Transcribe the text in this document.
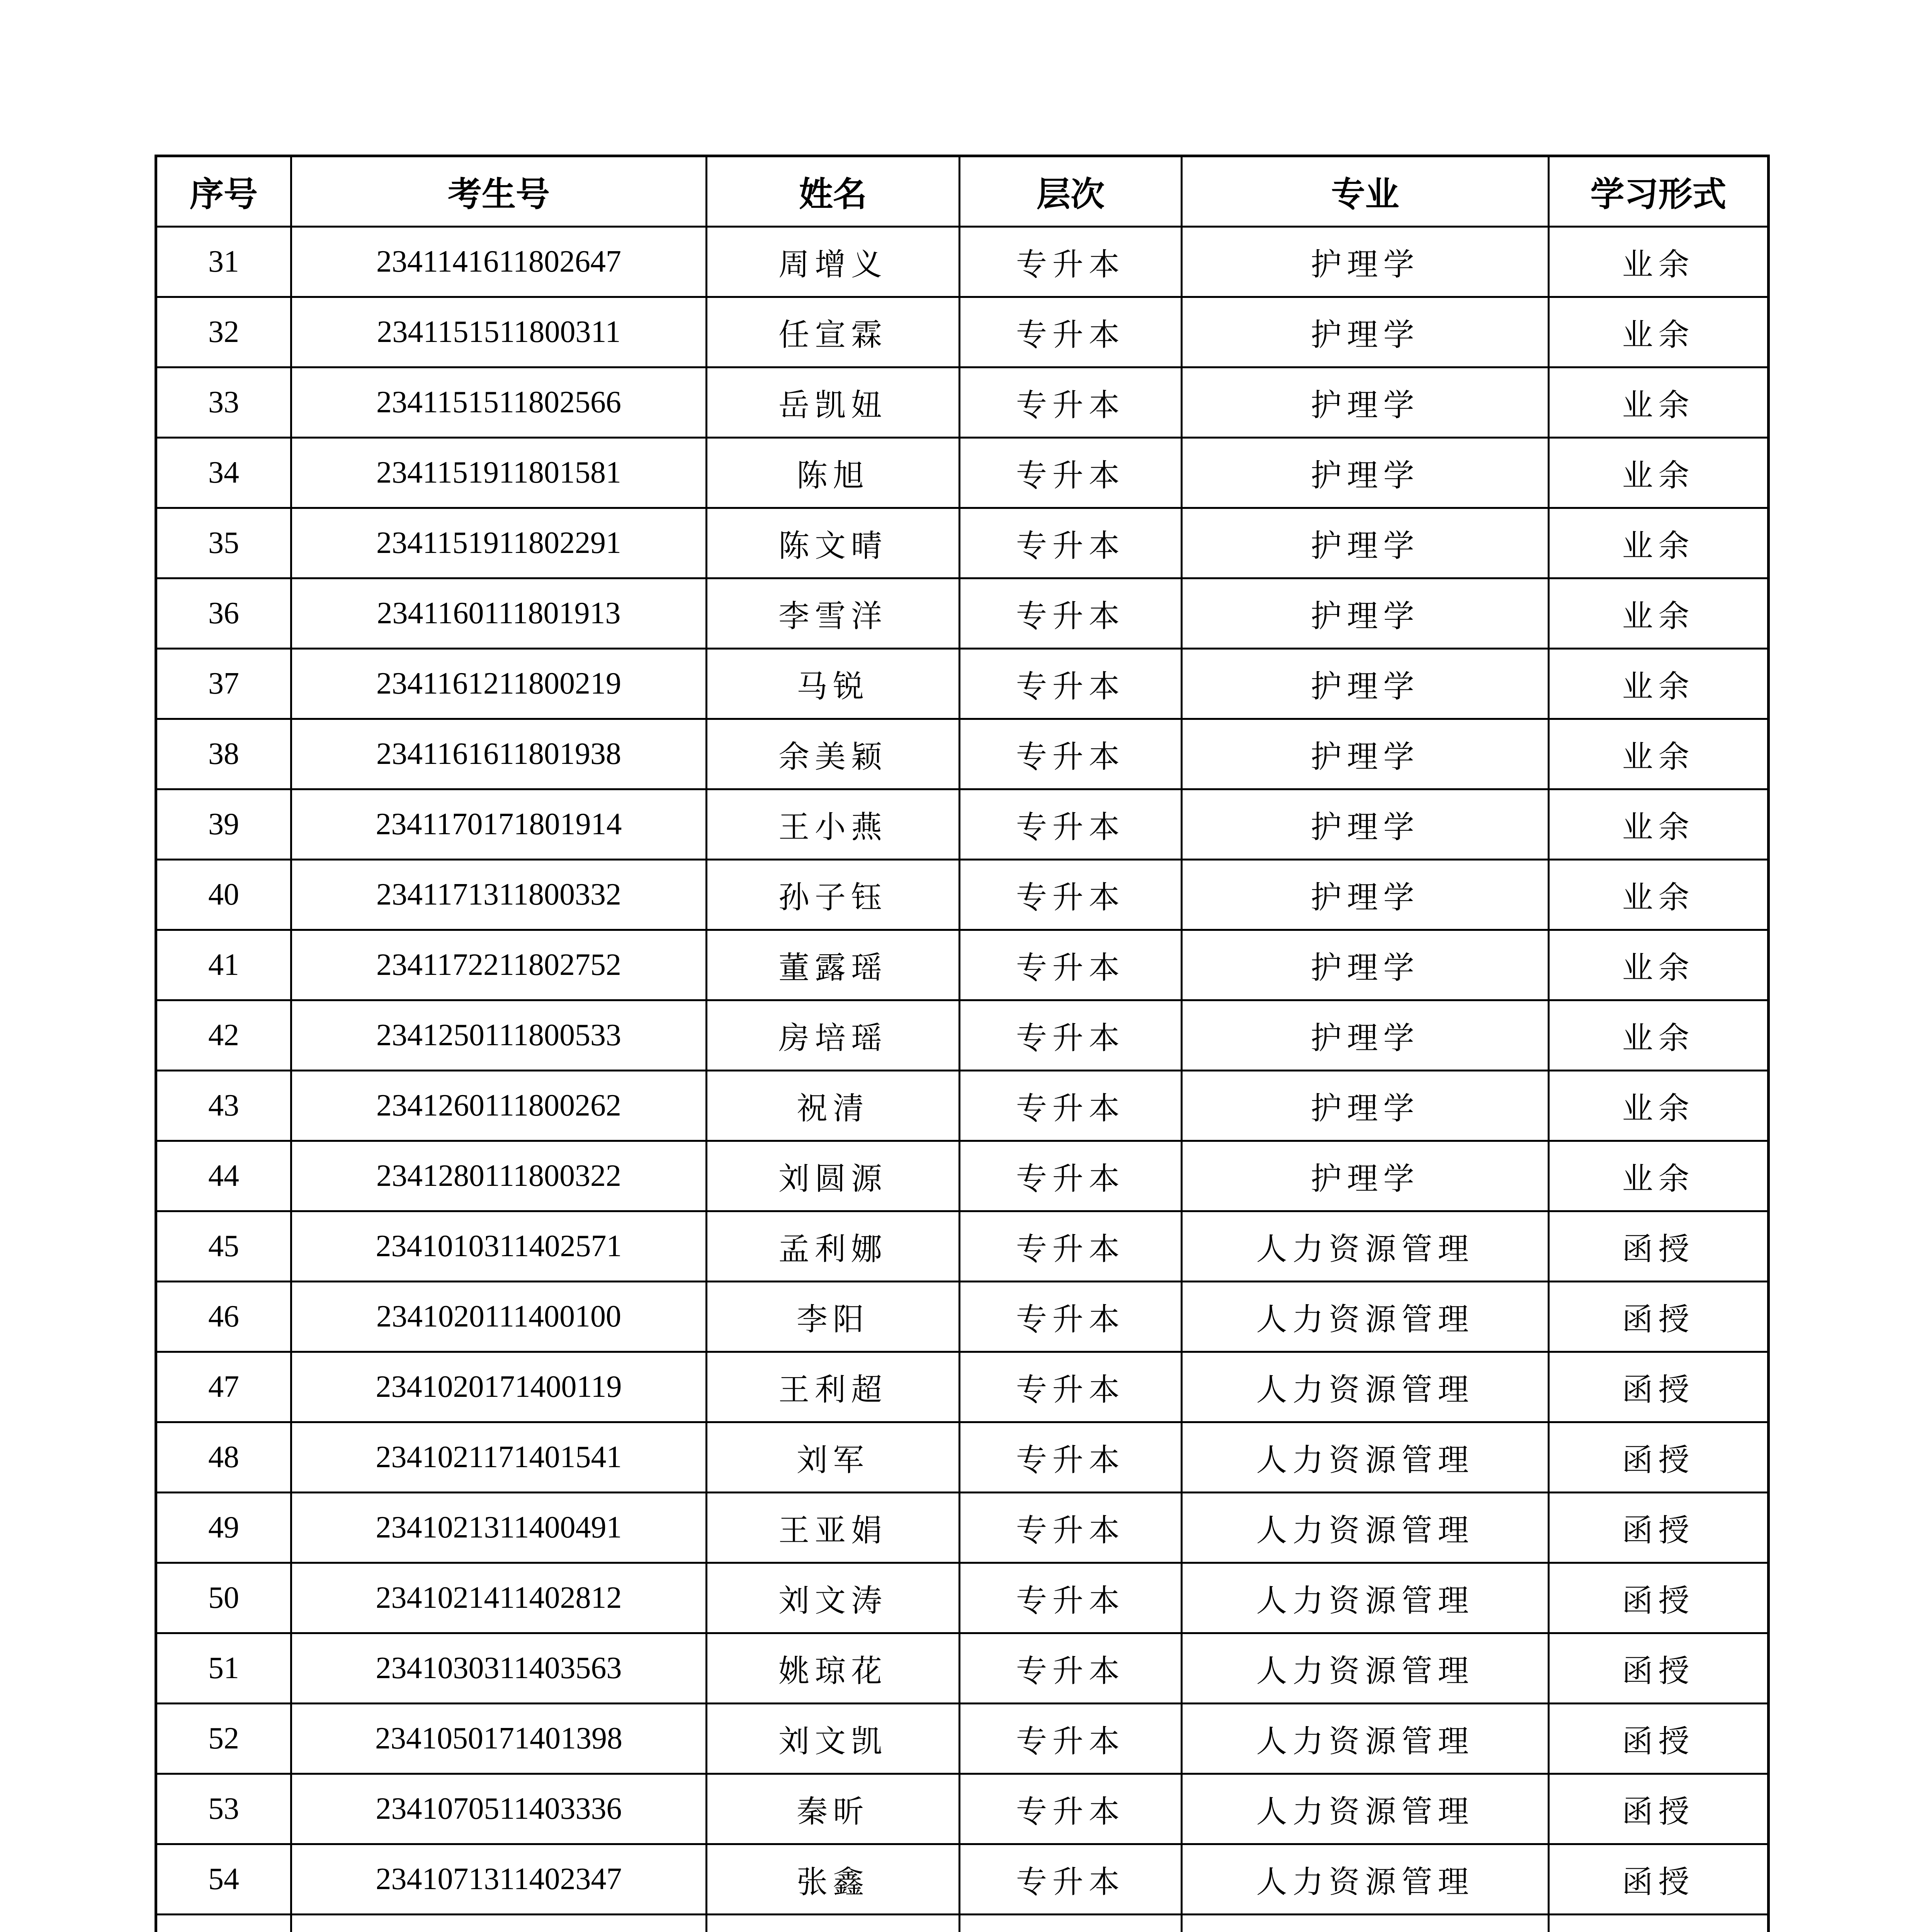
序号	考生号	姓名	层次	专业	学习形式
31	2341141611802647	周增义	专升本	护理学	业余
32	2341151511800311	任宣霖	专升本	护理学	业余
33	2341151511802566	岳凯妞	专升本	护理学	业余
34	2341151911801581	陈旭	专升本	护理学	业余
35	2341151911802291	陈文晴	专升本	护理学	业余
36	2341160111801913	李雪洋	专升本	护理学	业余
37	2341161211800219	马锐	专升本	护理学	业余
38	2341161611801938	余美颖	专升本	护理学	业余
39	2341170171801914	王小燕	专升本	护理学	业余
40	2341171311800332	孙子钰	专升本	护理学	业余
41	2341172211802752	董露瑶	专升本	护理学	业余
42	2341250111800533	房培瑶	专升本	护理学	业余
43	2341260111800262	祝清	专升本	护理学	业余
44	2341280111800322	刘圆源	专升本	护理学	业余
45	2341010311402571	孟利娜	专升本	人力资源管理	函授
46	2341020111400100	李阳	专升本	人力资源管理	函授
47	2341020171400119	王利超	专升本	人力资源管理	函授
48	2341021171401541	刘军	专升本	人力资源管理	函授
49	2341021311400491	王亚娟	专升本	人力资源管理	函授
50	2341021411402812	刘文涛	专升本	人力资源管理	函授
51	2341030311403563	姚琼花	专升本	人力资源管理	函授
52	2341050171401398	刘文凯	专升本	人力资源管理	函授
53	2341070511403336	秦昕	专升本	人力资源管理	函授
54	2341071311402347	张鑫	专升本	人力资源管理	函授
